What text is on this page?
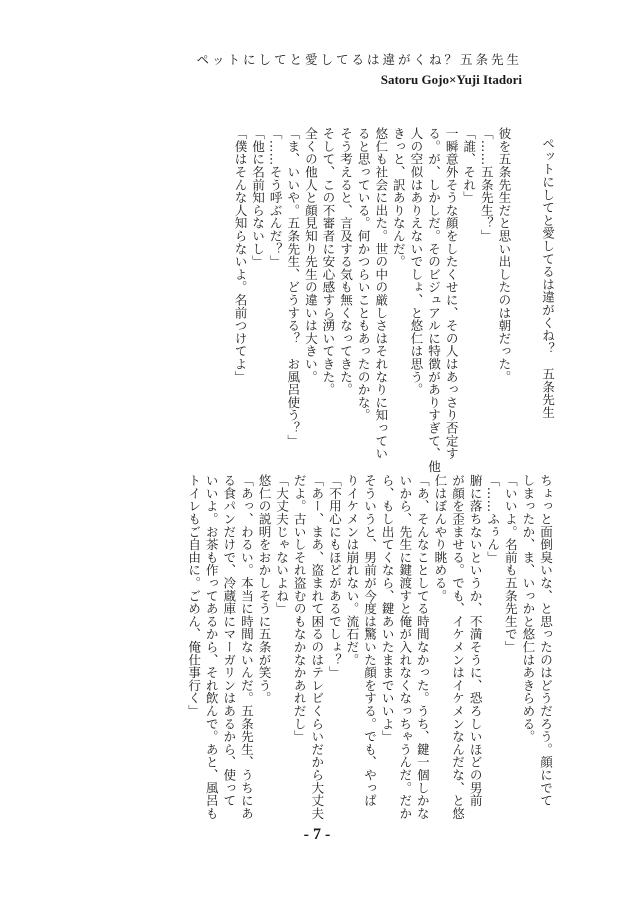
ペットにしてと愛してるは違がくね？五条先生
Satoru Gojo×Yuji Itadori
ペットにしてと愛してるは違がくね？　五条先生
彼を五条先生だと思い出したのは朝だった。
「……五条先生？」
「誰、それ」
一瞬意外そうな顔をしたくせに、その人はあっさり否定す
る。が、しかしだ。そのビジュアルに特徴がありすぎて、他
人の空似はありえないでしょ、と悠仁は思う。
きっと、訳ありなんだ。
悠仁も社会に出た。世の中の厳しさはそれなりに知ってい
ると思っている。何かつらいこともあったのかな。
そう考えると、言及する気も無くなってきた。
そして、この不審者に安心感すら湧いてきた。
全くの他人と顔見知り先生の違いは大きい。
「ま、いいや。五条先生、どうする？　お風呂使う？」
「……そう呼ぶんだ？」
「他に名前知らないし」
「僕はそんな人知らないよ。名前つけてよ」
ちょっと面倒臭いな、と思ったのはどうだろう。顔にでて
しまったか、ま、いっかと悠仁はあきらめる。
「いいよ。名前も五条先生で」
「……ふぅん」
腑に落ちないというか、不満そうに、恐ろしいほどの男前
が顔を歪ませる。でも、イケメンはイケメンなんだな、と悠
仁はぼんやり眺める。
「あ、そんなことしてる時間なかった。うち、鍵一個しかな
いから、先生に鍵渡すと俺が入れなくなっちゃうんだ。だか
ら、もし出てくなら、鍵あいたままでいいよ」
そういうと、男前が今度は驚いた顔をする。でも、やっぱ
りイケメンは崩れない。流石だ。
「不用心にもほどがあるでしょ？」
「あー、まあ、盗まれて困るのはテレビくらいだから大丈夫
だよ。古いしそれ盗むのもなかなかあれだし」
「大丈夫じゃないよね」
悠仁の説明をおかしそうに五条が笑う。
「あっ、わるい。本当に時間ないんだ。五条先生、うちにあ
る食パンだけで、冷蔵庫にマーガリンはあるから、使って
いいよ。お茶も作ってあるから、それ飲んで。あと、風呂も
トイレもご自由に。ごめん、俺仕事行く」
- 7 -
